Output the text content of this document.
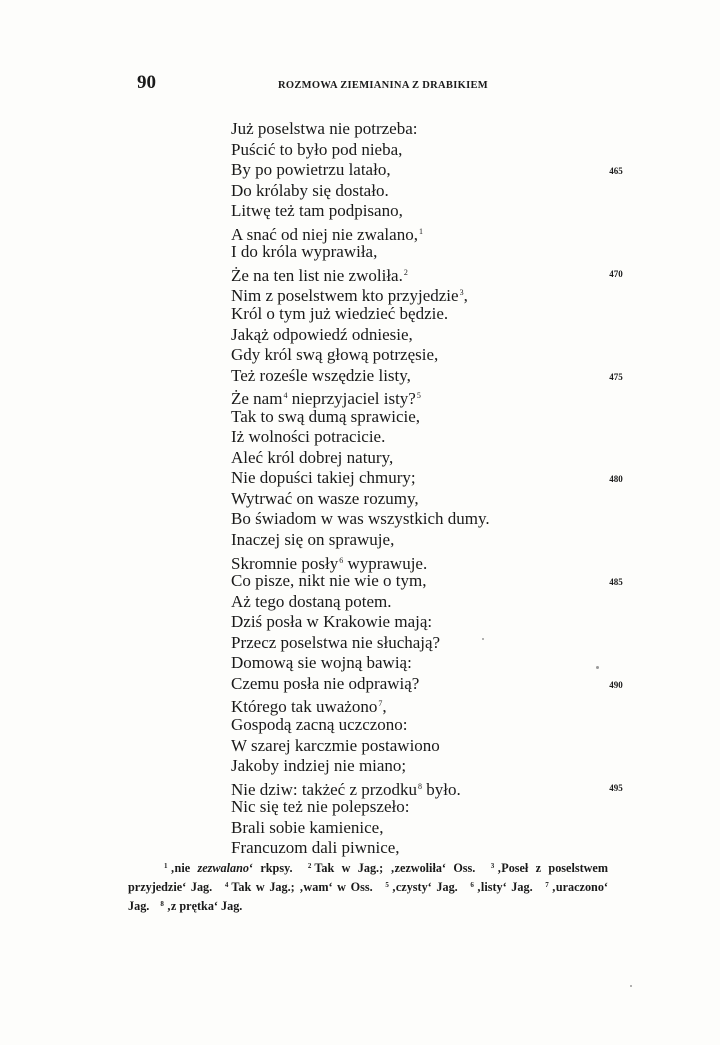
90	ROZMOWA ZIEMIANINA Z DRABIKIEM
Już poselstwa nie potrzeba:
Puścić to było pod nieba,
By po powietrzu latało,	465
Do królaby się dostało.
Litwę też tam podpisano,
A snać od niej nie zwalano,$^1$
I do króla wyprawiła,
Że na ten list nie zwoliła.$^2$	470
Nim z poselstwem kto przyjedzie$^3$,
Król o tym już wiedzieć będzie.
Jakąż odpowiedź odniesie,
Gdy król swą głową potrzęsie,
Też roześle wszędzie listy,	475
Że nam$^4$ nieprzyjaciel isty?$^5$
Tak to swą dumą sprawicie,
Iż wolności potracicie.
Aleć król dobrej natury,
Nie dopuści takiej chmury;	480
Wytrwać on wasze rozumy,
Bo świadom w was wszystkich dumy.
Inaczej się on sprawuje,
Skromnie posły$^6$ wyprawuje.
Co pisze, nikt nie wie o tym,	485
Aż tego dostaną potem.
Dziś posła w Krakowie mają:
Przecz poselstwa nie słuchają?
Domową sie wojną bawią:
Czemu posła nie odprawią?	490
Którego tak uważono$^7$,
Gospodą zacną uczczono:
W szarej karczmie postawiono
Jakoby indziej nie miano;
Nie dziw: takżeć z przodku$^8$ było.	495
Nic się też nie polepszeło:
Brali sobie kamienice,
Francuzom dali piwnice,
$^1$ ‚nie zezwalano‘ rkpsy. $^2$ Tak w Jag.; ‚zezwoliła‘ Oss. $^3$ ‚Poseł z poselstwem przyjedzie‘ Jag. $^4$ Tak w Jag.; ‚wam‘ w Oss. $^5$ ‚czysty‘ Jag. $^6$ ‚listy‘ Jag. $^7$ ‚uraczono‘ Jag. $^8$ ‚z prętka‘ Jag.
